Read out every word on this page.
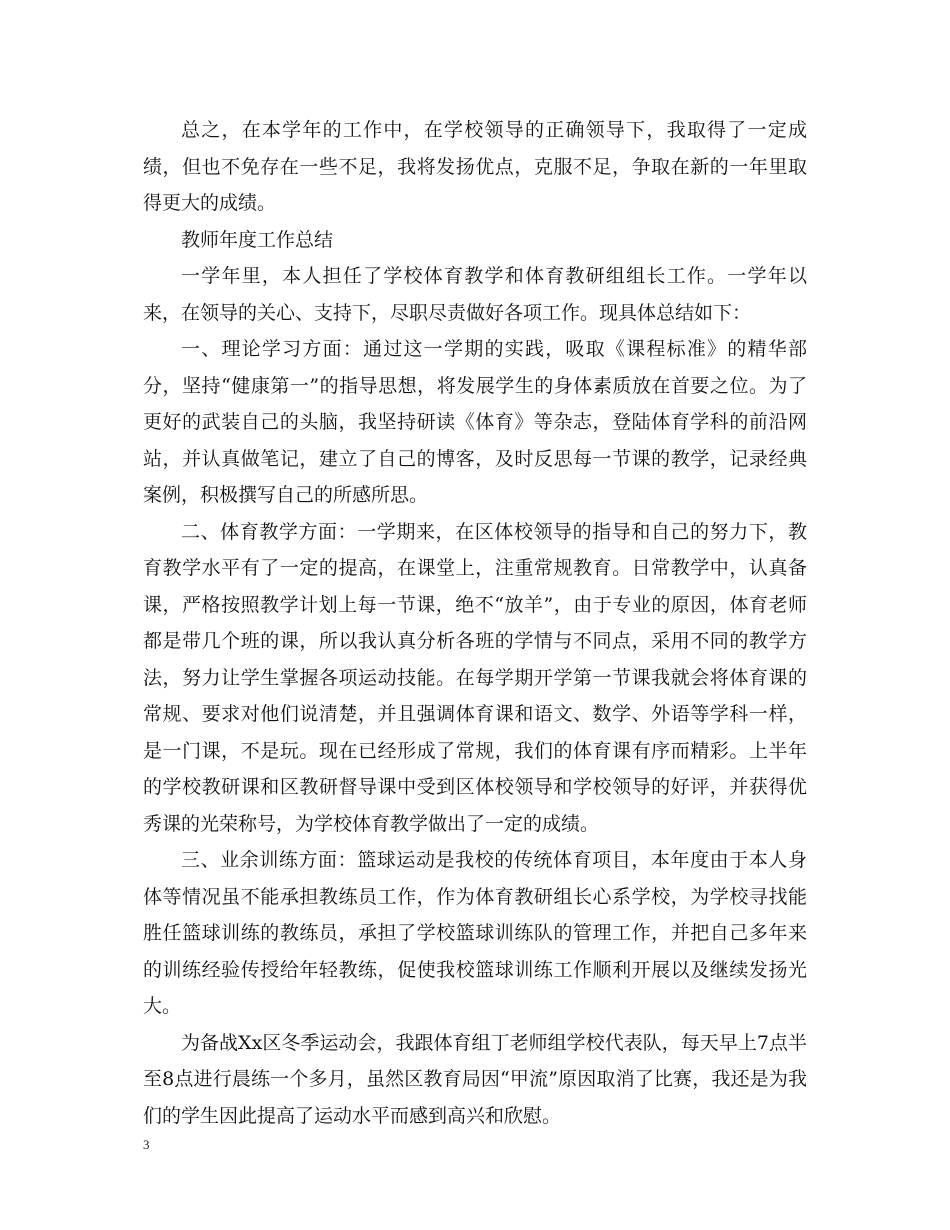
总之，在本学年的工作中，在学校领导的正确领导下，我取得了一定成绩，但也不免存在一些不足，我将发扬优点，克服不足，争取在新的一年里取得更大的成绩。

教师年度工作总结

一学年里，本人担任了学校体育教学和体育教研组组长工作。一学年以来，在领导的关心、支持下，尽职尽责做好各项工作。现具体总结如下：

一、理论学习方面：通过这一学期的实践，吸取《课程标准》的精华部分，坚持“健康第一”的指导思想，将发展学生的身体素质放在首要之位。为了更好的武装自己的头脑，我坚持研读《体育》等杂志，登陆体育学科的前沿网站，并认真做笔记，建立了自己的博客，及时反思每一节课的教学，记录经典案例，积极撰写自己的所感所思。

二、体育教学方面：一学期来，在区体校领导的指导和自己的努力下，教育教学水平有了一定的提高，在课堂上，注重常规教育。日常教学中，认真备课，严格按照教学计划上每一节课，绝不“放羊”，由于专业的原因，体育老师都是带几个班的课，所以我认真分析各班的学情与不同点，采用不同的教学方法，努力让学生掌握各项运动技能。在每学期开学第一节课我就会将体育课的常规、要求对他们说清楚，并且强调体育课和语文、数学、外语等学科一样，是一门课，不是玩。现在已经形成了常规，我们的体育课有序而精彩。上半年的学校教研课和区教研督导课中受到区体校领导和学校领导的好评，并获得优秀课的光荣称号，为学校体育教学做出了一定的成绩。

三、业余训练方面：篮球运动是我校的传统体育项目，本年度由于本人身体等情况虽不能承担教练员工作，作为体育教研组长心系学校，为学校寻找能胜任篮球训练的教练员，承担了学校篮球训练队的管理工作，并把自己多年来的训练经验传授给年轻教练，促使我校篮球训练工作顺利开展以及继续发扬光大。

为备战Xx区冬季运动会，我跟体育组丁老师组学校代表队，每天早上7点半至8点进行晨练一个多月，虽然区教育局因“甲流”原因取消了比赛，我还是为我们的学生因此提高了运动水平而感到高兴和欣慰。

3
